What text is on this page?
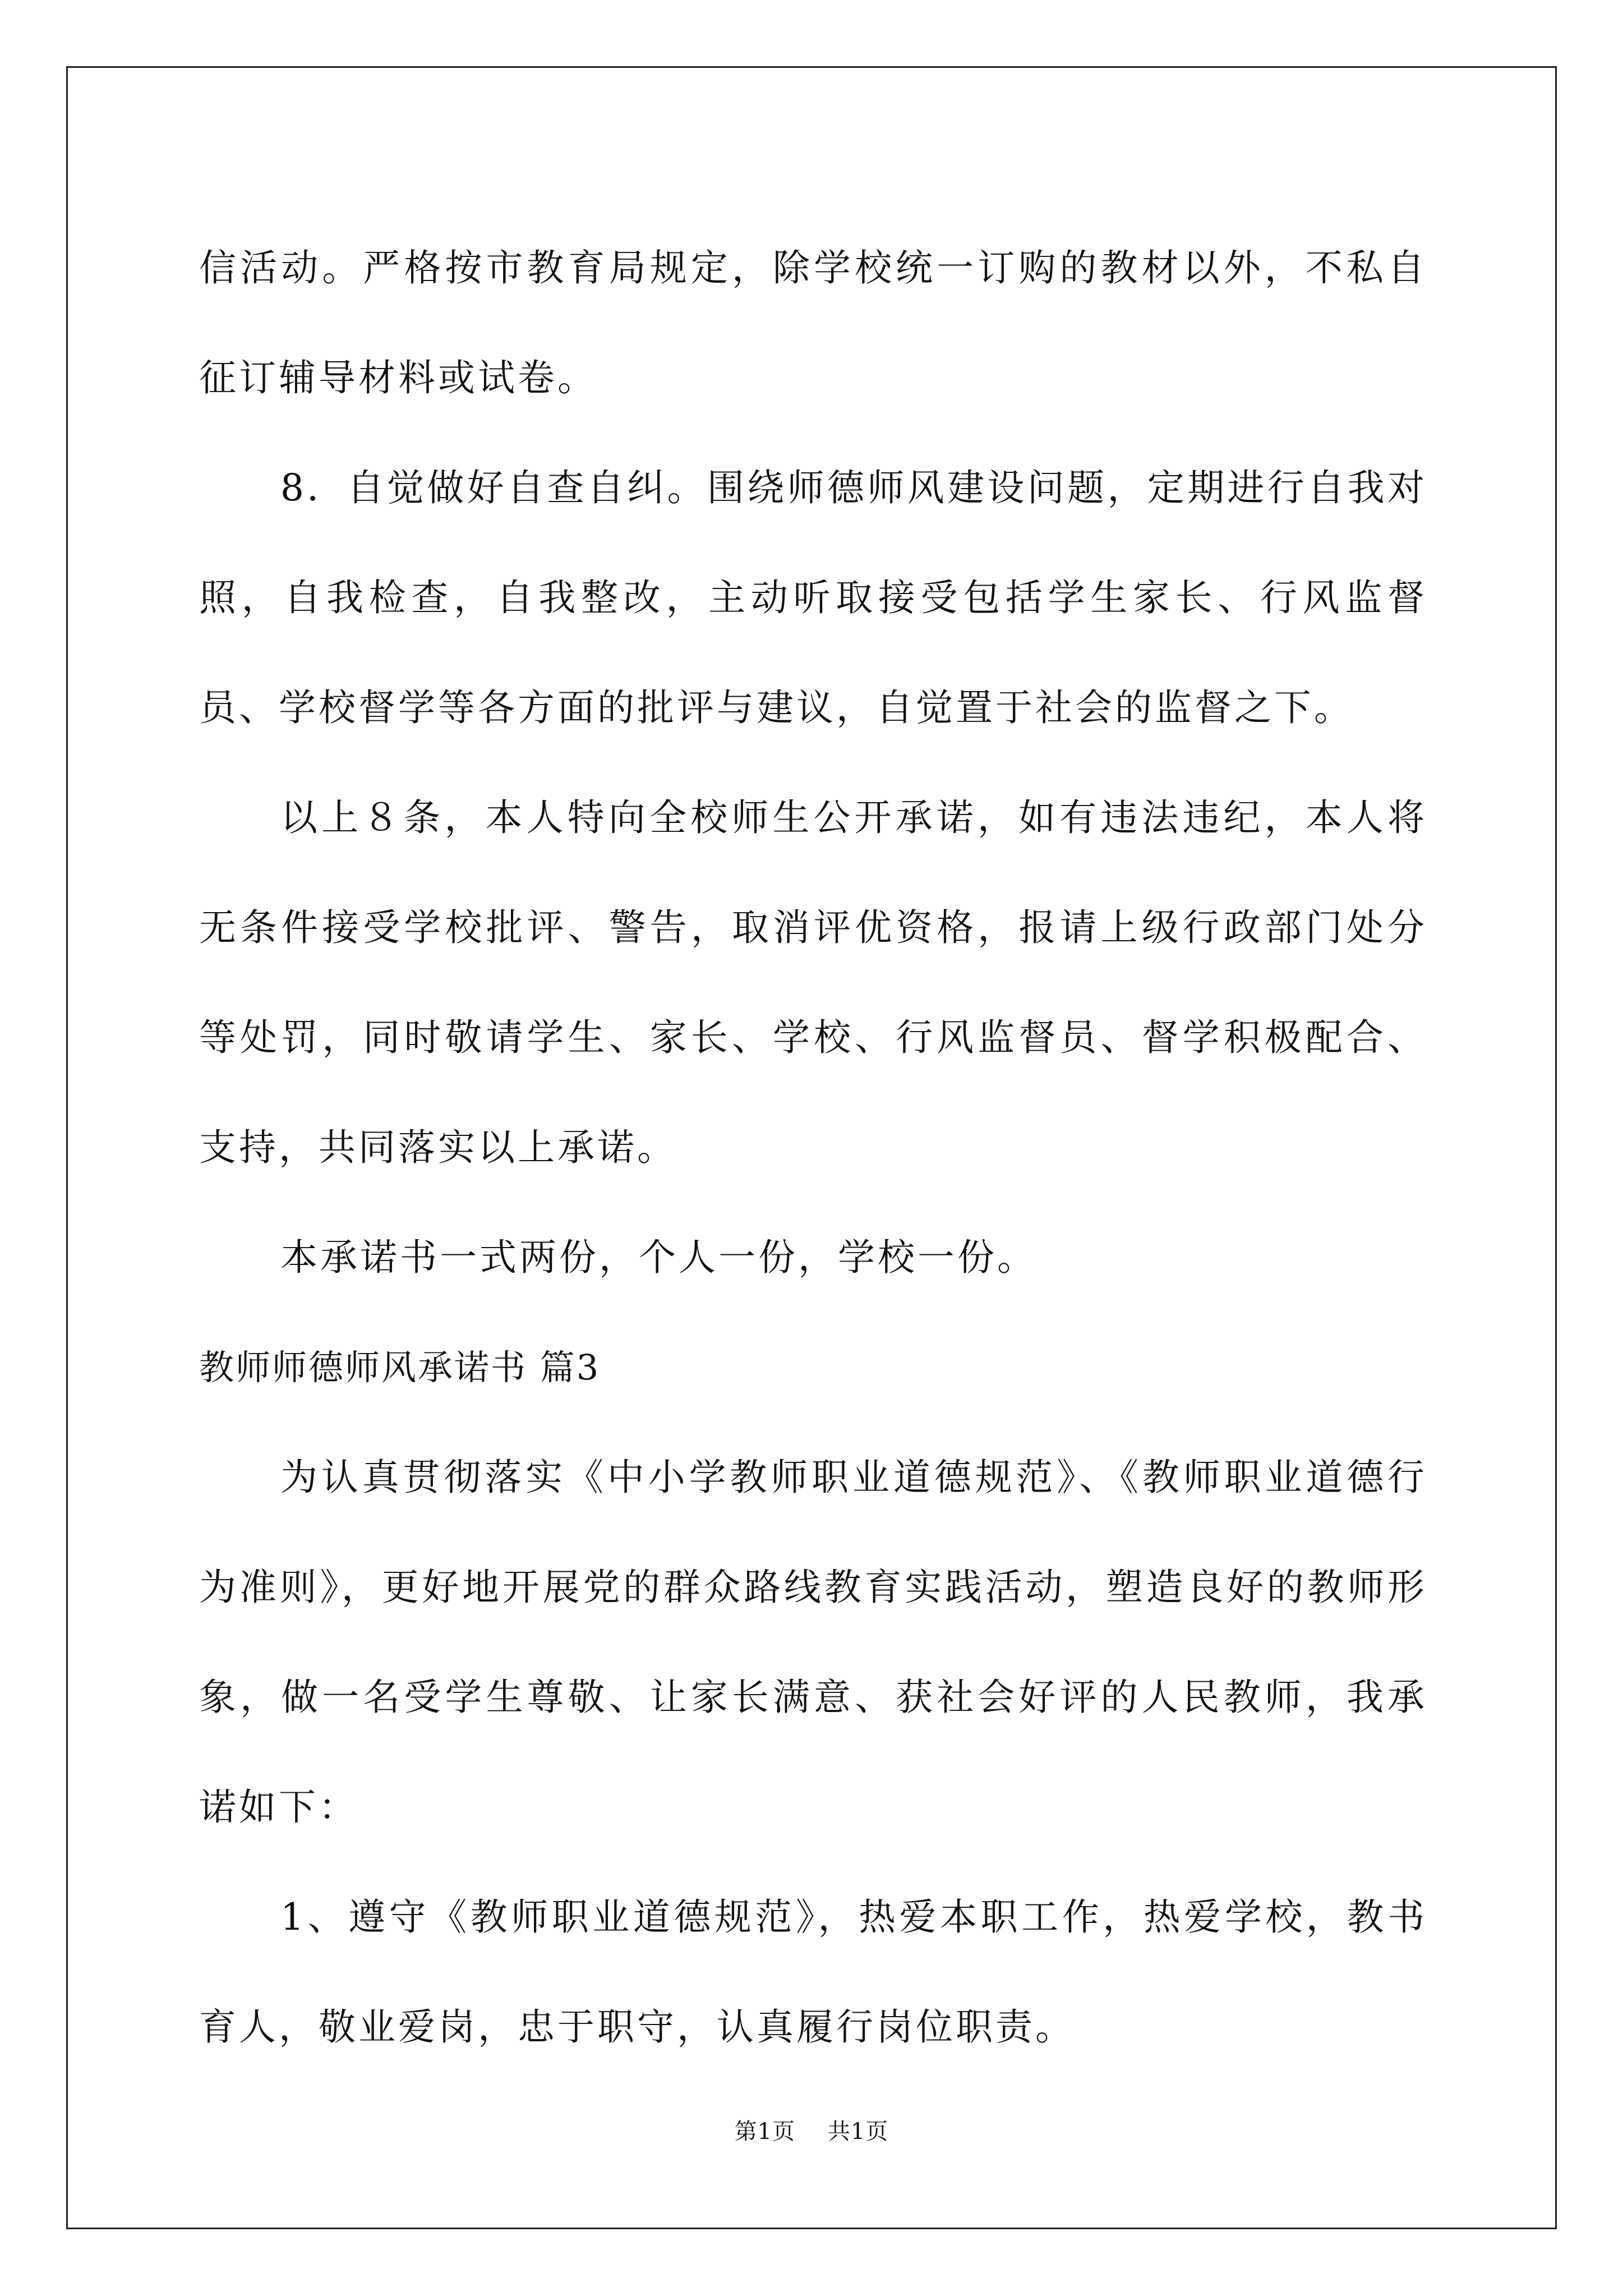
信活动。严格按市教育局规定，除学校统一订购的教材以外，不私自征订辅导材料或试卷。

8．自觉做好自查自纠。围绕师德师风建设问题，定期进行自我对照，自我检查，自我整改，主动听取接受包括学生家长、行风监督员、学校督学等各方面的批评与建议，自觉置于社会的监督之下。

以上８条，本人特向全校师生公开承诺，如有违法违纪，本人将无条件接受学校批评、警告，取消评优资格，报请上级行政部门处分等处罚，同时敬请学生、家长、学校、行风监督员、督学积极配合、支持，共同落实以上承诺。

本承诺书一式两份，个人一份，学校一份。

教师师德师风承诺书 篇3

为认真贯彻落实《中小学教师职业道德规范》、《教师职业道德行为准则》，更好地开展党的群众路线教育实践活动，塑造良好的教师形象，做一名受学生尊敬、让家长满意、获社会好评的人民教师，我承诺如下：

1、遵守《教师职业道德规范》，热爱本职工作，热爱学校，教书育人，敬业爱岗，忠于职守，认真履行岗位职责。

第1页 共1页
